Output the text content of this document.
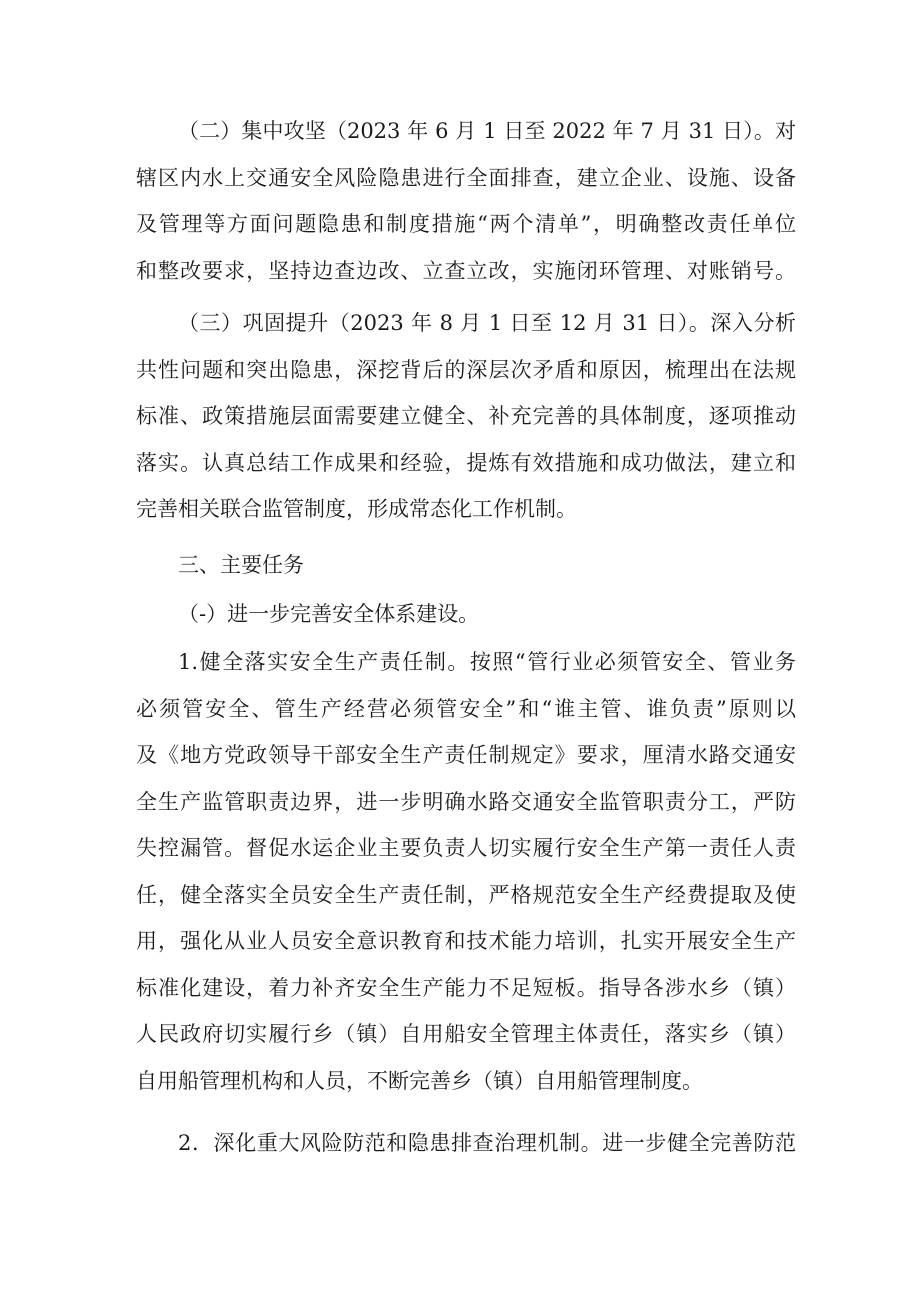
（二）集中攻坚（2023 年 6 月 1 日至 2022 年 7 月 31 日）。对
辖区内水上交通安全风险隐患进行全面排查，建立企业、设施、设备
及管理等方面问题隐患和制度措施“两个清单”，明确整改责任单位
和整改要求，坚持边查边改、立查立改，实施闭环管理、对账销号。
（三）巩固提升（2023 年 8 月 1 日至 12 月 31 日）。深入分析
共性问题和突出隐患，深挖背后的深层次矛盾和原因，梳理出在法规
标准、政策措施层面需要建立健全、补充完善的具体制度，逐项推动
落实。认真总结工作成果和经验，提炼有效措施和成功做法，建立和
完善相关联合监管制度，形成常态化工作机制。
三、主要任务
（-）进一步完善安全体系建设。
1.健全落实安全生产责任制。按照“管行业必须管安全、管业务
必须管安全、管生产经营必须管安全”和“谁主管、谁负责”原则以
及《地方党政领导干部安全生产责任制规定》要求，厘清水路交通安
全生产监管职责边界，进一步明确水路交通安全监管职责分工，严防
失控漏管。督促水运企业主要负责人切实履行安全生产第一责任人责
任，健全落实全员安全生产责任制，严格规范安全生产经费提取及使
用，强化从业人员安全意识教育和技术能力培训，扎实开展安全生产
标准化建设，着力补齐安全生产能力不足短板。指导各涉水乡（镇）
人民政府切实履行乡（镇）自用船安全管理主体责任，落实乡（镇）
自用船管理机构和人员，不断完善乡（镇）自用船管理制度。
2．深化重大风险防范和隐患排查治理机制。进一步健全完善防范
